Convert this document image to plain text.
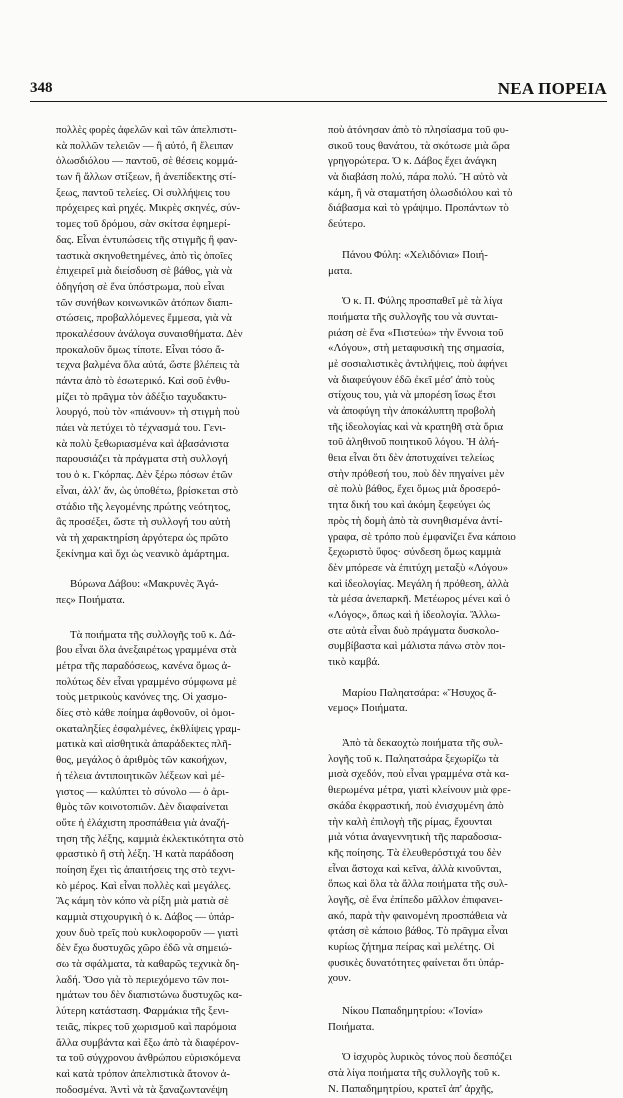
348	ΝΕΑ ΠΟΡΕΙΑ
πολλὲς φορὲς ἀφελῶν καὶ τῶν ἀπελπιστι-
κὰ πολλῶν τελειῶν — ἢ αὐτό, ἢ ἔλειπαν
ὁλωσδιόλου — παντοῦ, σὲ θέσεις κομμά-
των ἢ ἄλλων στίξεων, ἢ ἀνεπίδεκτης στί-
ξεως, παντοῦ τελείες. Οἱ συλλήψεις του
πρόχειρες καὶ ρηχές. Μικρὲς σκηνές, σύν-
τομες τοῦ δρόμου, σὰν σκίτσα ἐφημερί-
δας. Εἶναι ἐντυπώσεις τῆς στιγμῆς ἢ φαν-
ταστικὰ σκηνοθετημένες, ἀπὸ τὶς ὁποῖες
ἐπιχειρεῖ μιὰ διείσδυση σὲ βάθος, γιὰ νὰ
ὁδηγήση σὲ ἕνα ὑπόστρωμα, ποὺ εἶναι
τῶν συνήθων κοινωνικῶν ἀτόπων διαπι-
στώσεις, προβαλλόμενες ἔμμεσα, γιὰ νὰ
προκαλέσουν ἀνάλογα συναισθήματα. Δὲν
προκαλοῦν ὅμως τίποτε. Εἶναι τόσο ἄ-
τεχνα βαλμένα ὅλα αὐτά, ὥστε βλέπεις τὰ
πάντα ἀπὸ τὸ ἐσωτερικό. Καὶ σοῦ ἐνθυ-
μίζει τὸ πρᾶγμα τὸν ἀδέξιο ταχυδακτυ-
λουργό, ποὺ τὸν «πιάνουν» τὴ στιγμὴ ποὺ
πάει νὰ πετύχει τὸ τέχνασμά του. Γενι-
κὰ πολὺ ξεθωριασμένα καὶ ἀβασάνιστα
παρουσιάζει τὰ πράγματα στὴ συλλογή
του ὁ κ. Γκόρπας. Δὲν ξέρω πόσων ἐτῶν
εἶναι, ἀλλ' ἄν, ὡς ὑποθέτω, βρίσκεται στὸ
στάδιο τῆς λεγομένης πρώτης νεότητος,
ἃς προσέξει, ὥστε τὴ συλλογή του αὐτὴ
νὰ τὴ χαρακτηρίση ἀργότερα ὡς πρῶτο
ξεκίνημα καὶ ὄχι ὡς νεανικὸ ἁμάρτημα.
Βύρωνα Δάβου: «Μακρυνὲς Ἀγά-
πες» Ποιήματα.
Τὰ ποιήματα τῆς συλλογῆς τοῦ κ. Δά-
βου εἶναι ὅλα ἀνεξαιρέτως γραμμένα στὰ
μέτρα τῆς παραδόσεως, κανένα ὅμως ἀ-
πολύτως δὲν εἶναι γραμμένο σύμφωνα μὲ
τοὺς μετρικοὺς κανόνες της. Οἱ χασμο-
δίες στὸ κάθε ποίημα ἀφθονοῦν, οἱ ὁμοι-
οκαταληξίες ἐσφαλμένες, ἐκθλίψεις γραμ-
ματικὰ καὶ αἰσθητικὰ ἀπαράδεκτες πλῆ-
θος, μεγάλος ὁ ἀριθμὸς τῶν κακοήχων,
ἡ τέλεια ἀντιποιητικῶν λέξεων καὶ μέ-
γιστος — καλύπτει τὸ σύνολο — ὁ ἀρι-
θμὸς τῶν κοινοτοπιῶν. Δὲν διαφαίνεται
οὔτε ἡ ἐλάχιστη προσπάθεια γιὰ ἀναζή-
τηση τῆς λέξης, καμμιὰ ἐκλεκτικότητα στὸ
φραστικὸ ἢ στὴ λέξη. Ἡ κατὰ παράδοση
ποίηση ἔχει τὶς ἀπαιτήσεις της στὸ τεχνι-
κὸ μέρος. Καὶ εἶναι πολλὲς καὶ μεγάλες.
Ἃς κάμη τὸν κόπο νὰ ρίξη μιὰ ματιὰ σὲ
καμμιὰ στιχουργικὴ ὁ κ. Δάβος — ὑπάρ-
χουν δυὸ τρεῖς ποὺ κυκλοφοροῦν — γιατὶ
δὲν ἔχω δυστυχῶς χῶρο ἐδῶ νὰ σημειώ-
σω τὰ σφάλματα, τὰ καθαρῶς τεχνικὰ δη-
λαδή. Ὅσο γιὰ τὸ περιεχόμενο τῶν ποι-
ημάτων του δὲν διαπιστώνω δυστυχῶς κα-
λύτερη κατάσταση. Φαρμάκια τῆς ξενι-
τειᾶς, πίκρες τοῦ χωρισμοῦ καὶ παρόμοια
ἄλλα συμβάντα καὶ ἔξω ἀπὸ τὰ διαφέρον-
τα τοῦ σύγχρονου ἀνθρώπου εὐρισκόμενα
καὶ κατὰ τρόπον ἀπελπιστικὰ ἄτονον ἀ-
ποδοσμένα. Ἀντὶ νὰ τὰ ξαναζωντανέψη
ποὺ ἀτόνησαν ἀπὸ τὸ πλησίασμα τοῦ φυ-
σικοῦ τους θανάτου, τὰ σκότωσε μιὰ ὥρα
γρηγορώτερα. Ὁ κ. Δάβος ἔχει ἀνάγκη
νὰ διαβάση πολύ, πάρα πολύ. Ἢ αὐτὸ νὰ
κάμη, ἢ νὰ σταματήση ὁλωσδιόλου καὶ τὸ
διάβασμα καὶ τὸ γράψιμο. Προπάντων τὸ
δεύτερο.
Πάνου Φύλη: «Χελιδόνια» Ποιή-
ματα.
Ὁ κ. Π. Φύλης προσπαθεῖ μὲ τὰ λίγα
ποιήματα τῆς συλλογῆς του νὰ συνται-
ριάση σὲ ἕνα «Πιστεύω» τὴν ἔννοια τοῦ
«Λόγου», στὴ μεταφυσικὴ της σημασία,
μὲ σοσιαλιστικὲς ἀντιλήψεις, ποὺ ἀφήνει
νὰ διαφεύγουν ἐδῶ ἐκεῖ μέσ' ἀπὸ τοὺς
στίχους του, γιὰ νὰ μπορέση ἴσως ἔτσι
νὰ ἀποφύγη τὴν ἀποκάλυπτη προβολὴ
τῆς ἰδεολογίας καὶ νὰ κρατηθῆ στὰ ὅρια
τοῦ ἀληθινοῦ ποιητικοῦ λόγου. Ἡ ἀλή-
θεια εἶναι ὅτι δὲν ἀποτυχαίνει τελείως
στὴν πρόθεσή του, ποὺ δὲν πηγαίνει μὲν
σὲ πολὺ βάθος, ἔχει ὅμως μιὰ δροσερό-
τητα δική του καὶ ἀκόμη ξεφεύγει ὡς
πρὸς τὴ δομὴ ἀπὸ τὰ συνηθισμένα ἀντί-
γραφα, σὲ τρόπο ποὺ ἐμφανίζει ἕνα κάποιο
ξεχωριστὸ ὕφος· σύνδεση ὅμως καμμιὰ
δὲν μπόρεσε νὰ ἐπιτύχη μεταξὺ «Λόγου»
καὶ ἰδεολογίας. Μεγάλη ἡ πρόθεση, ἀλλὰ
τὰ μέσα ἀνεπαρκῆ. Μετέωρος μένει καὶ ὁ
«Λόγος», ὅπως καὶ ἡ ἰδεολογία. Ἄλλω-
στε αὐτὰ εἶναι δυὸ πράγματα δυσκολο-
συμβίβαστα καὶ μάλιστα πάνω στὸν ποι-
τικὸ καμβά.
Μαρίου Παληατσάρα: «Ἥσυχος ἄ-
νεμος» Ποιήματα.
Ἀπὸ τὰ δεκαοχτὼ ποιήματα τῆς συλ-
λογῆς τοῦ κ. Παληατσάρα ξεχωρίζω τὰ
μισὰ σχεδόν, ποὺ εἶναι γραμμένα στὰ κα-
θιερωμένα μέτρα, γιατὶ κλείνουν μιὰ φρε-
σκάδα ἐκφραστική, ποὺ ἐνισχυμένη ἀπὸ
τὴν καλὴ ἐπιλογὴ τῆς ρίμας, ἔχουνται
μιὰ νότια ἀναγεννητικὴ τῆς παραδοσια-
κῆς ποίησης. Τὰ ἐλευθερόστιχά του δὲν
εἶναι ἄστοχα καὶ κεῖνα, ἀλλὰ κινοῦνται,
ὅπως καὶ ὅλα τὰ ἄλλα ποιήματα τῆς συλ-
λογῆς, σὲ ἕνα ἐπίπεδο μᾶλλον ἐπιφανει-
ακό, παρὰ τὴν φαινομένη προσπάθεια νὰ
φτάση σὲ κάποιο βάθος. Τὸ πρᾶγμα εἶναι
κυρίως ζήτημα πείρας καὶ μελέτης. Οἱ
φυσικὲς δυνατότητες φαίνεται ὅτι ὑπάρ-
χουν.
Νίκου Παπαδημητρίου: «Ἰονία»
Ποιήματα.
Ὁ ἰσχυρὸς λυρικὸς τόνος ποὺ δεσπόζει
στὰ λίγα ποιήματα τῆς συλλογῆς τοῦ κ.
Ν. Παπαδημητρίου, κρατεῖ ἀπ' ἀρχῆς,
